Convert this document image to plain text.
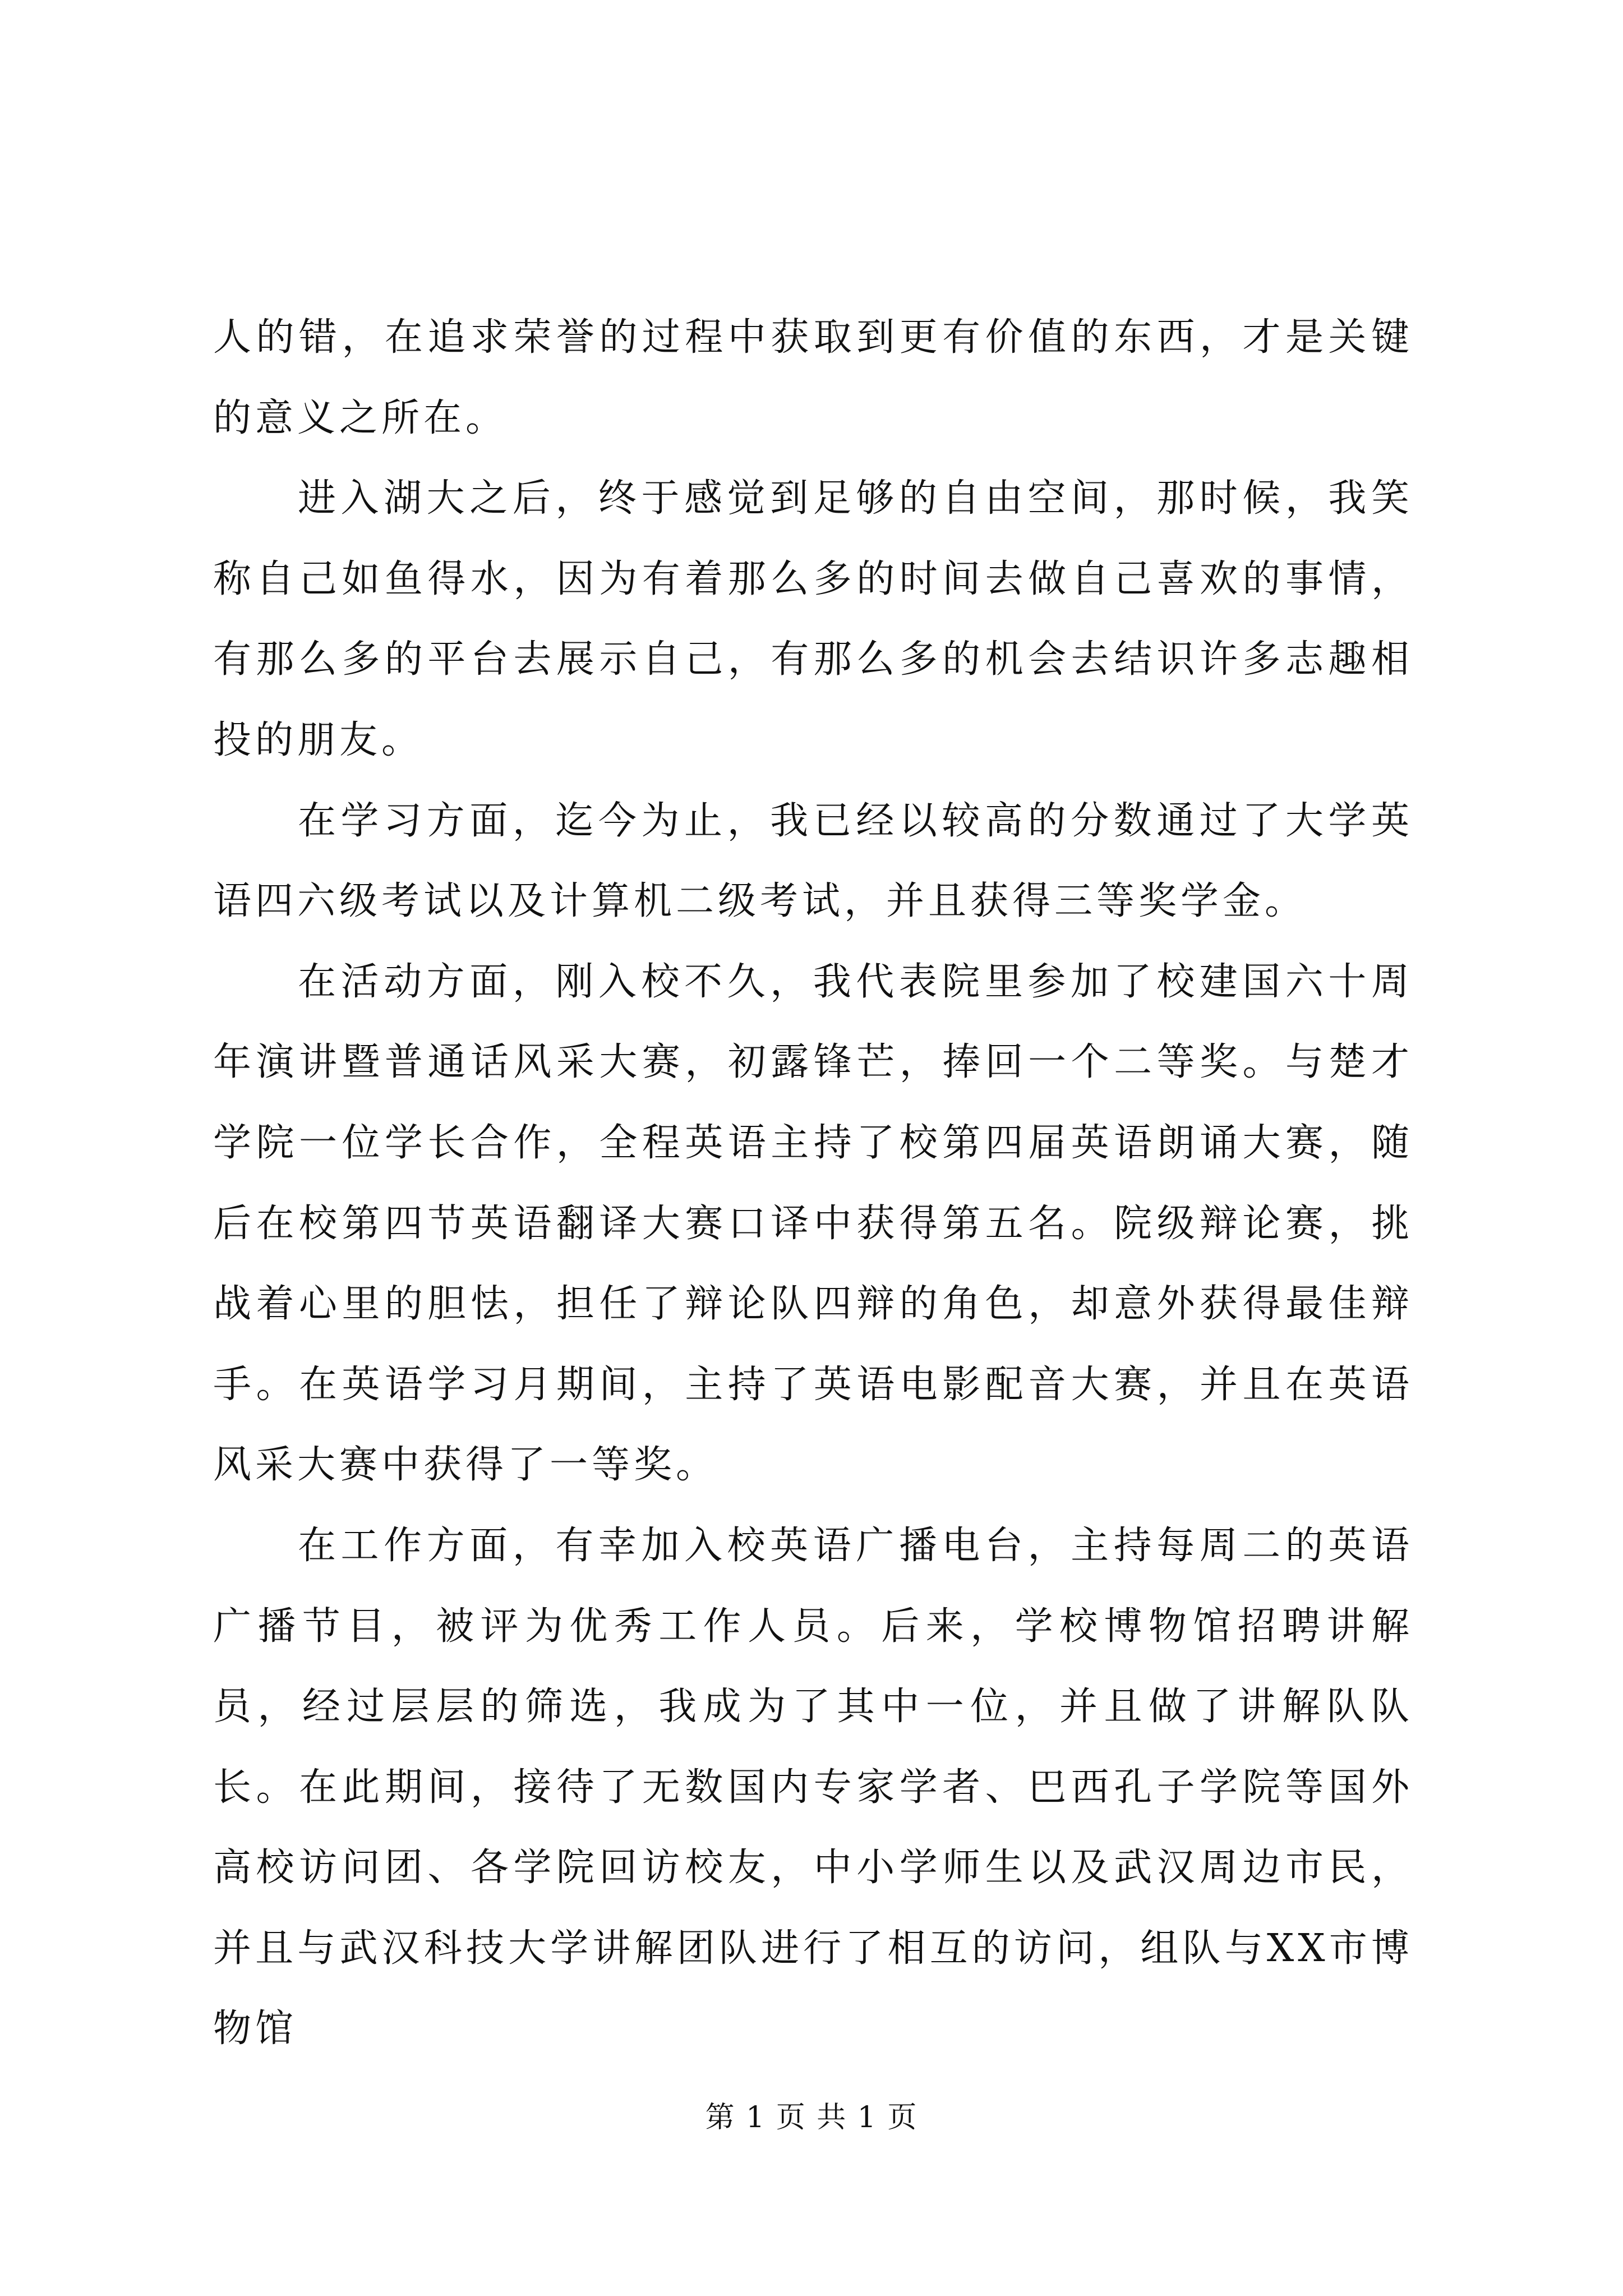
人的错，在追求荣誉的过程中获取到更有价值的东西，才是关键的意义之所在。

进入湖大之后，终于感觉到足够的自由空间，那时候，我笑称自己如鱼得水，因为有着那么多的时间去做自己喜欢的事情，有那么多的平台去展示自己，有那么多的机会去结识许多志趣相投的朋友。

在学习方面，迄今为止，我已经以较高的分数通过了大学英语四六级考试以及计算机二级考试，并且获得三等奖学金。

在活动方面，刚入校不久，我代表院里参加了校建国六十周年演讲暨普通话风采大赛，初露锋芒，捧回一个二等奖。与楚才学院一位学长合作，全程英语主持了校第四届英语朗诵大赛，随后在校第四节英语翻译大赛口译中获得第五名。院级辩论赛，挑战着心里的胆怯，担任了辩论队四辩的角色，却意外获得最佳辩手。在英语学习月期间，主持了英语电影配音大赛，并且在英语风采大赛中获得了一等奖。

在工作方面，有幸加入校英语广播电台，主持每周二的英语广播节目，被评为优秀工作人员。后来，学校博物馆招聘讲解员，经过层层的筛选，我成为了其中一位，并且做了讲解队队长。在此期间，接待了无数国内专家学者、巴西孔子学院等国外高校访问团、各学院回访校友，中小学师生以及武汉周边市民，并且与武汉科技大学讲解团队进行了相互的访问，组队与XX市博物馆

第 1 页 共 1 页
